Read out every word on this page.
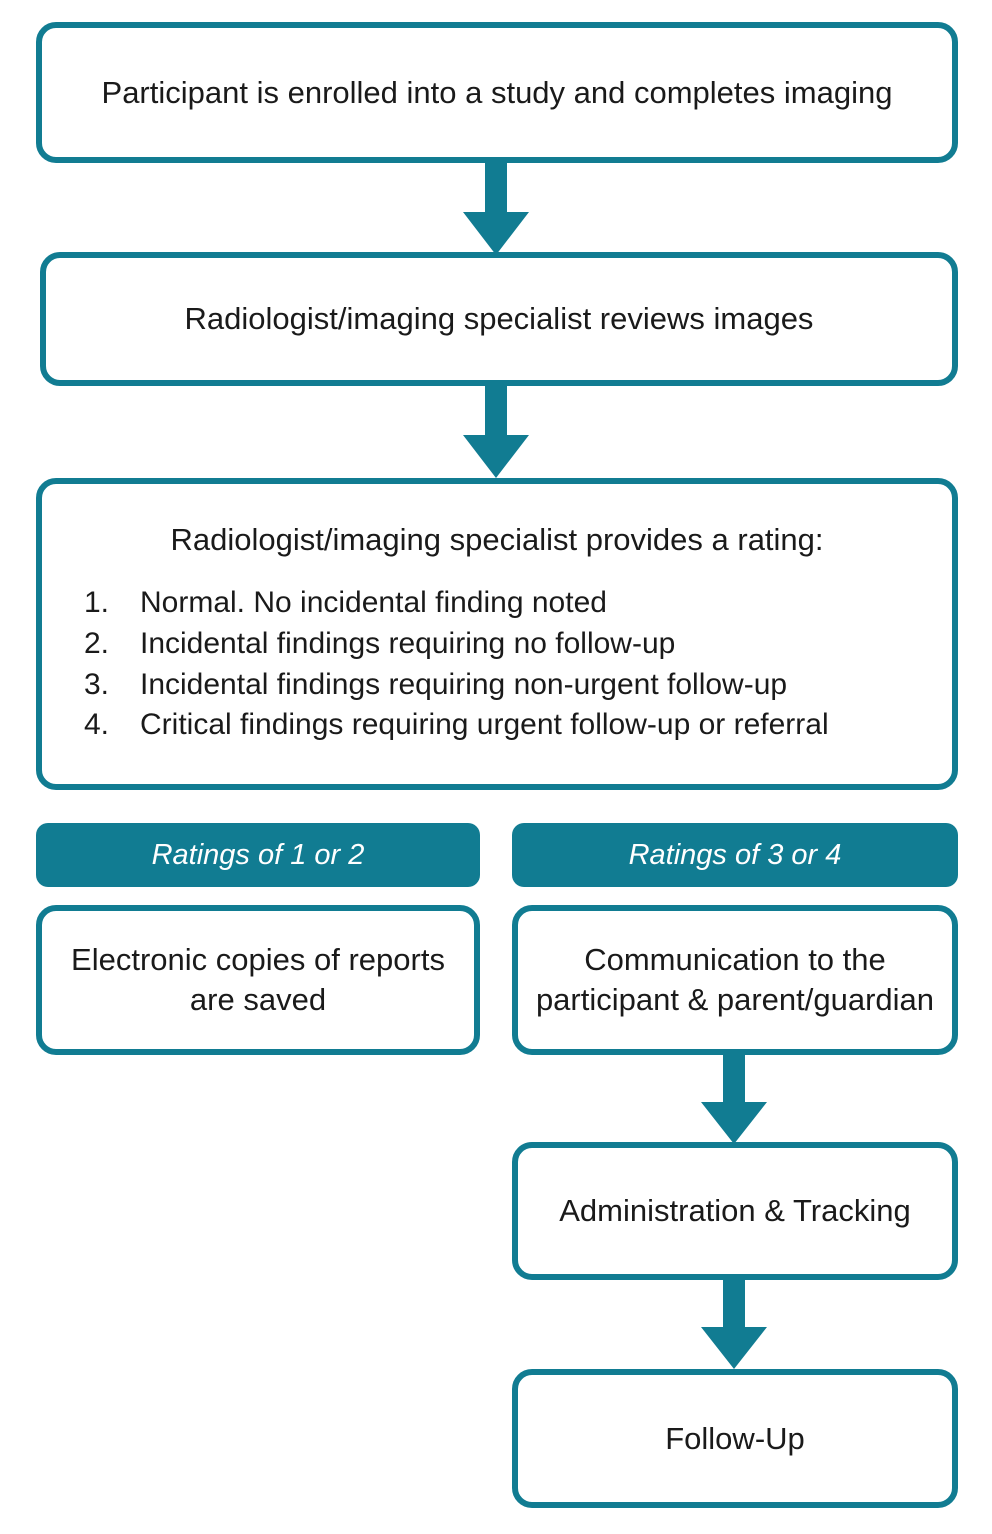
Participant is enrolled into a study and completes imaging
Radiologist/imaging specialist reviews images
Radiologist/imaging specialist provides a rating:
1.	Normal. No incidental finding noted
2.	Incidental findings requiring no follow-up
3.	Incidental findings requiring non-urgent follow-up
4.	Critical findings requiring urgent follow-up or referral
Ratings of 1 or 2	Ratings of 3 or 4
Electronic copies of reports are saved
Communication to the participant & parent/guardian
Administration & Tracking
Follow-Up
